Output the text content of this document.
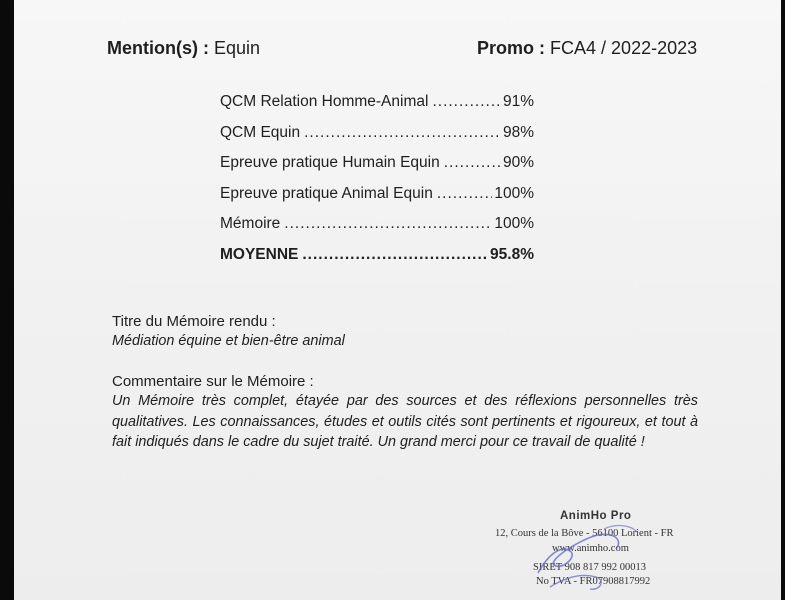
Mention(s) : Equin	Promo : FCA4 / 2022-2023
QCM Relation Homme-Animal .....	91%
QCM Equin .....	98%
Epreuve pratique Humain Equin .....	90%
Epreuve pratique Animal Equin .....	100%
Mémoire .....	100%
MOYENNE .....	95.8%
Titre du Mémoire rendu :
Médiation équine et bien-être animal
Commentaire sur le Mémoire :
Un Mémoire très complet, étayée par des sources et des réflexions personnelles très qualitatives. Les connaissances, études et outils cités sont pertinents et rigoureux, et tout à fait indiqués dans le cadre du sujet traité. Un grand merci pour ce travail de qualité !
AnimHo Pro
12, Cours de la Bôve - 56100 Lorient - FR
www.animho.com
SIRET 908 817 992 00013
No TVA - FR07908817992
